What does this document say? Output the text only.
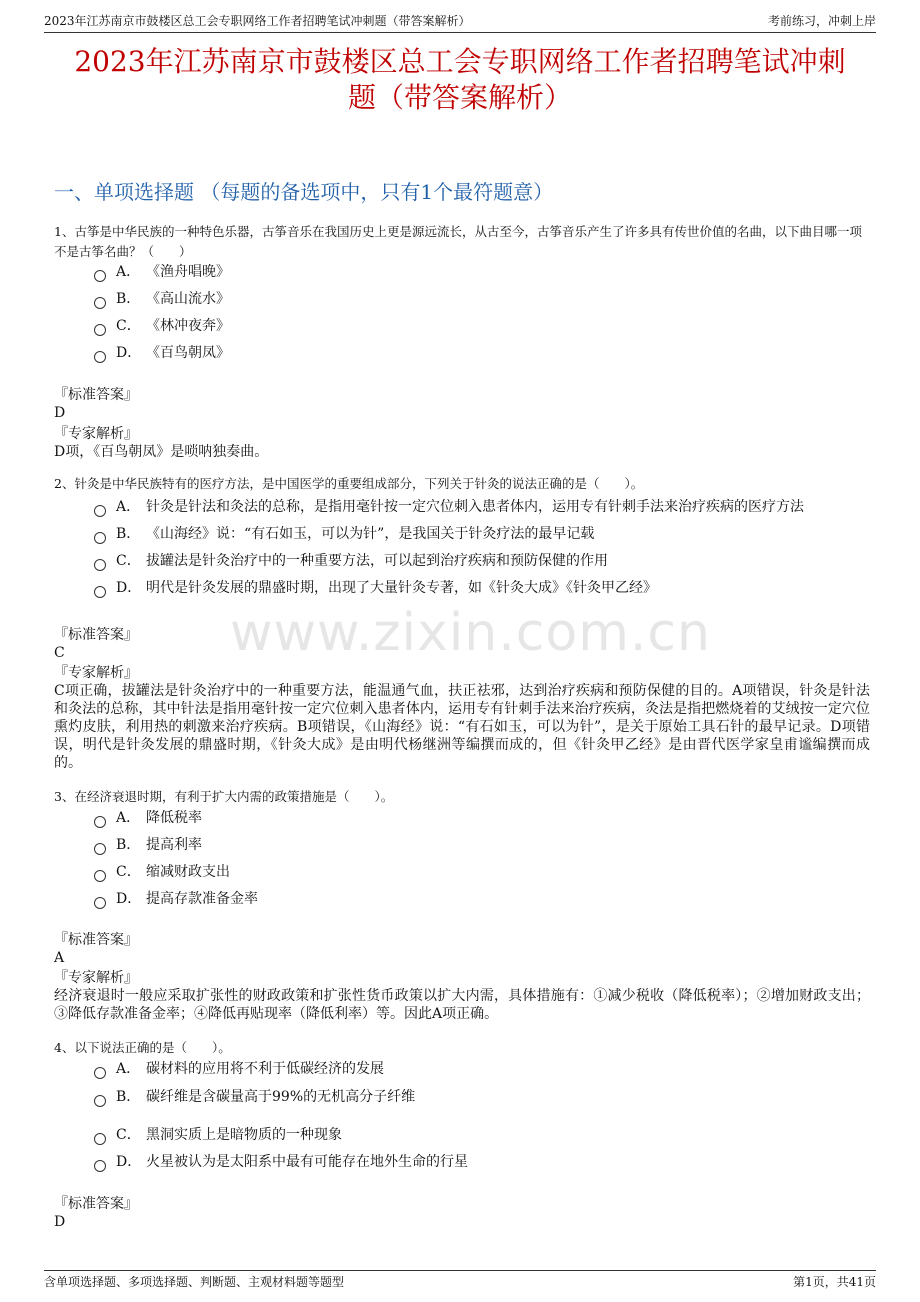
2023年江苏南京市鼓楼区总工会专职网络工作者招聘笔试冲刺题（带答案解析）	考前练习，冲刺上岸
2023年江苏南京市鼓楼区总工会专职网络工作者招聘笔试冲刺
题（带答案解析）
一、单项选择题 （每题的备选项中，只有1个最符题意）
www.zixin.com.cn
1、古筝是中华民族的一种特色乐器，古筝音乐在我国历史上更是源远流长，从古至今，古筝音乐产生了许多具有传世价值的名曲，以下曲目哪一项不是古筝名曲？（　　）
A． 《渔舟唱晚》
B． 《高山流水》
C． 《林冲夜奔》
D． 《百鸟朝凤》
『标准答案』
D
『专家解析』
D项，《百鸟朝凤》是唢呐独奏曲。
2、针灸是中华民族特有的医疗方法，是中国医学的重要组成部分，下列关于针灸的说法正确的是（　　）。
A． 针灸是针法和灸法的总称，是指用毫针按一定穴位刺入患者体内，运用专有针刺手法来治疗疾病的医疗方法
B． 《山海经》说：“有石如玉，可以为针”，是我国关于针灸疗法的最早记载
C． 拔罐法是针灸治疗中的一种重要方法，可以起到治疗疾病和预防保健的作用
D． 明代是针灸发展的鼎盛时期，出现了大量针灸专著，如《针灸大成》《针灸甲乙经》
『标准答案』
C
『专家解析』
C项正确，拔罐法是针灸治疗中的一种重要方法，能温通气血，扶正祛邪，达到治疗疾病和预防保健的目的。A项错误，针灸是针法和灸法的总称，其中针法是指用毫针按一定穴位刺入患者体内，运用专有针刺手法来治疗疾病，灸法是指把燃烧着的艾绒按一定穴位熏灼皮肤，利用热的刺激来治疗疾病。B项错误，《山海经》说：“有石如玉，可以为针”，是关于原始工具石针的最早记录。D项错误，明代是针灸发展的鼎盛时期，《针灸大成》是由明代杨继洲等编撰而成的，但《针灸甲乙经》是由晋代医学家皇甫谧编撰而成的。
3、在经济衰退时期，有利于扩大内需的政策措施是（　　）。
A． 降低税率
B． 提高利率
C． 缩减财政支出
D． 提高存款准备金率
『标准答案』
A
『专家解析』
经济衰退时一般应采取扩张性的财政政策和扩张性货币政策以扩大内需，具体措施有：①减少税收（降低税率）；②增加财政支出；③降低存款准备金率；④降低再贴现率（降低利率）等。因此A项正确。
4、以下说法正确的是（　　）。
A． 碳材料的应用将不利于低碳经济的发展
B． 碳纤维是含碳量高于99%的无机高分子纤维
C． 黑洞实质上是暗物质的一种现象
D． 火星被认为是太阳系中最有可能存在地外生命的行星
『标准答案』
D
含单项选择题、多项选择题、判断题、主观材料题等题型	第1页，共41页
